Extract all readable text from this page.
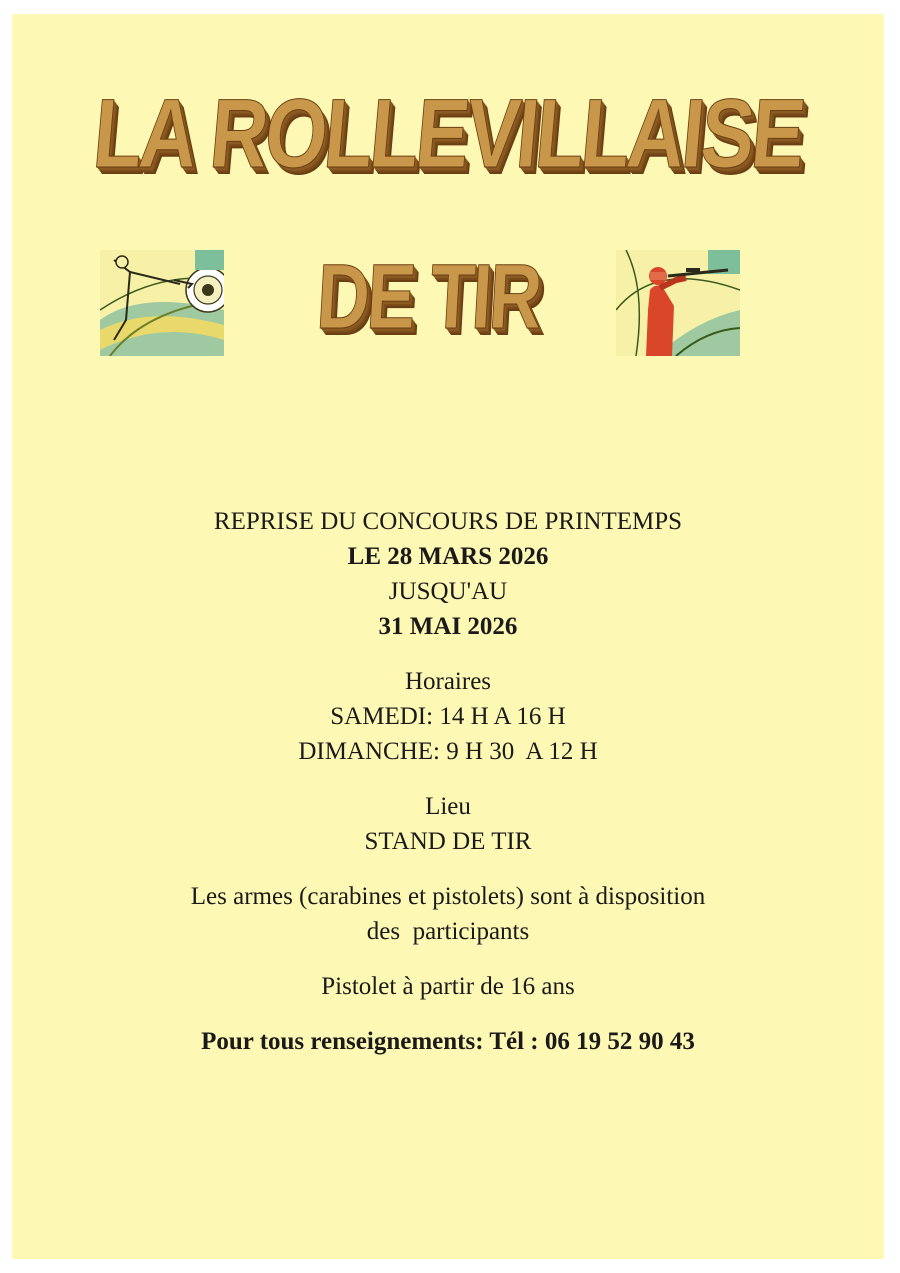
LA ROLLEVILLAISE
DE TIR
REPRISE DU CONCOURS DE PRINTEMPS
LE 28 MARS 2026
JUSQU'AU
31 MAI 2026
Horaires
SAMEDI: 14 H A 16 H
DIMANCHE: 9 H 30  A 12 H
Lieu
STAND DE TIR
Les armes (carabines et pistolets) sont à disposition
des  participants
Pistolet à partir de 16 ans
Pour tous renseignements: Tél : 06 19 52 90 43
